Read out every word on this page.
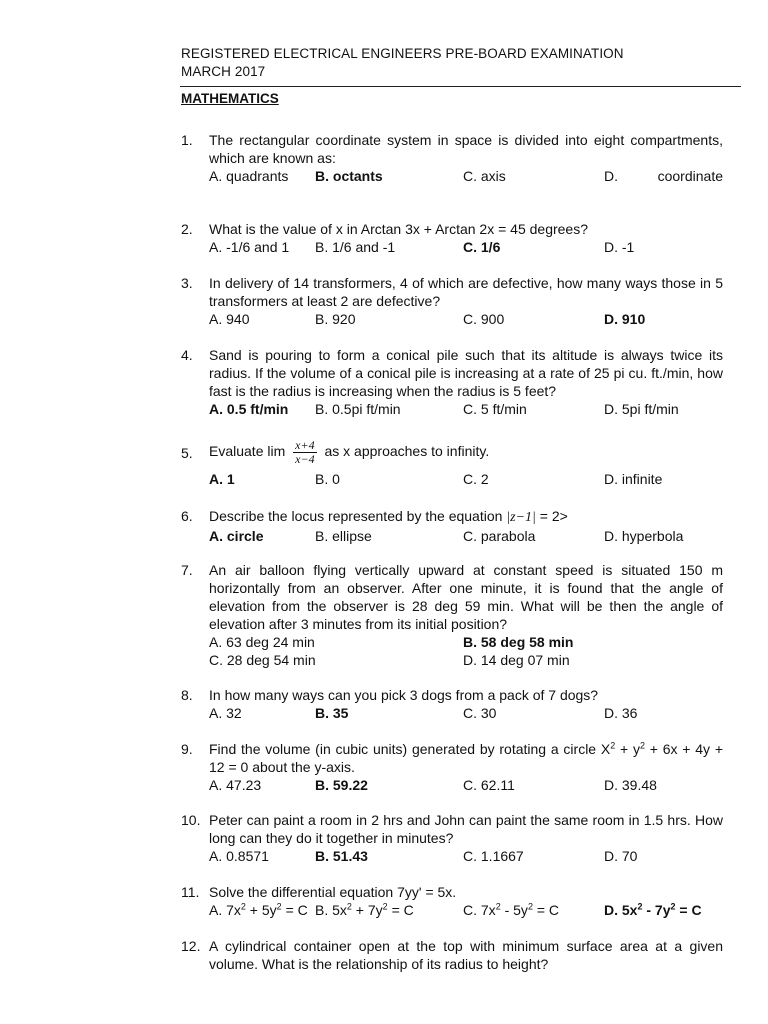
REGISTERED ELECTRICAL ENGINEERS PRE-BOARD EXAMINATION
MARCH 2017
MATHEMATICS
1. The rectangular coordinate system in space is divided into eight compartments, which are known as:
A. quadrants B. octants	C. axis	D.	coordinate
2. What is the value of x in Arctan 3x + Arctan 2x = 45 degrees?
A. -1/6 and 1 B. 1/6 and -1	C. 1/6	D. -1
3. In delivery of 14 transformers, 4 of which are defective, how many ways those in 5 transformers at least 2 are defective?
A. 940	B. 920	C. 900	D. 910
4. Sand is pouring to form a conical pile such that its altitude is always twice its radius. If the volume of a conical pile is increasing at a rate of 25 pi cu. ft./min, how fast is the radius is increasing when the radius is 5 feet?
A. 0.5 ft/min B. 0.5pi ft/min	C. 5 ft/min	D. 5pi ft/min
5. Evaluate $\lim \frac{x+4}{x-4}$ as x approaches to infinity.
A. 1	B. 0	C. 2	D. infinite
6. Describe the locus represented by the equation |z−1| = 2>
A. circle	B. ellipse	C. parabola	D. hyperbola
7. An air balloon flying vertically upward at constant speed is situated 150 m horizontally from an observer. After one minute, it is found that the angle of elevation from the observer is 28 deg 59 min. What will be then the angle of elevation after 3 minutes from its initial position?
A. 63 deg 24 min	B. 58 deg 58 min
C. 28 deg 54 min	D. 14 deg 07 min
8. In how many ways can you pick 3 dogs from a pack of 7 dogs?
A. 32	B. 35	C. 30	D. 36
9. Find the volume (in cubic units) generated by rotating a circle $X^2 + y^2 + 6x + 4y + 12 = 0$ about the y-axis.
A. 47.23	B. 59.22	C. 62.11	D. 39.48
10. Peter can paint a room in 2 hrs and John can paint the same room in 1.5 hrs. How long can they do it together in minutes?
A. 0.8571	B. 51.43	C. 1.1667	D. 70
11. Solve the differential equation 7yy' = 5x.
A. $7x^2 + 5y^2 = C$ B. $5x^2 + 7y^2 = C$	C. $7x^2 - 5y^2 = C$	D. $5x^2 - 7y^2 = C$
12. A cylindrical container open at the top with minimum surface area at a given volume. What is the relationship of its radius to height?
